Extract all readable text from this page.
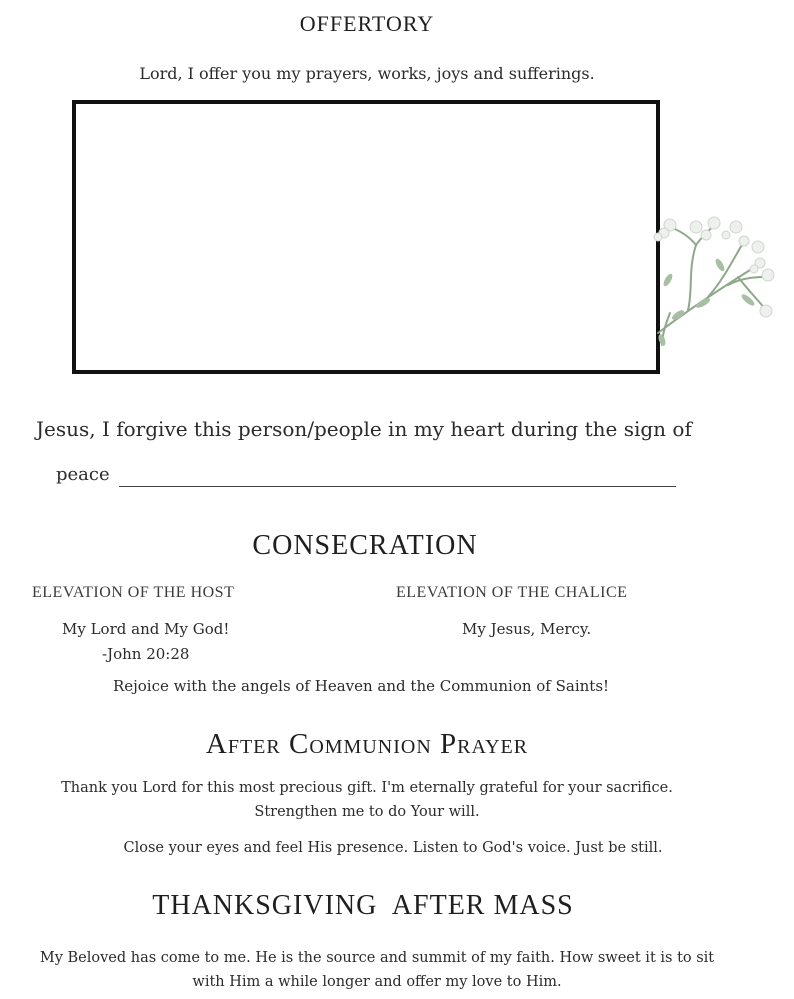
offertory
Lord, I offer you my prayers, works, joys and sufferings.
Jesus, I forgive this person/people in my heart during the sign of
peace
CONSECRATION
ELEVATION OF THE HOST
My Lord and My God!
-John 20:28
ELEVATION OF THE CHALICE
My Jesus, Mercy.
Rejoice with the angels of Heaven and the Communion of Saints!
After Communion Prayer
Thank you Lord for this most precious gift. I'm eternally grateful for your sacrifice.
Strengthen me to do Your will.
Close your eyes and feel His presence. Listen to God's voice. Just be still.
THANKSGIVING  AFTER MASS
My Beloved has come to me. He is the source and summit of my faith. How sweet it is to sit
with Him a while longer and offer my love to Him.
